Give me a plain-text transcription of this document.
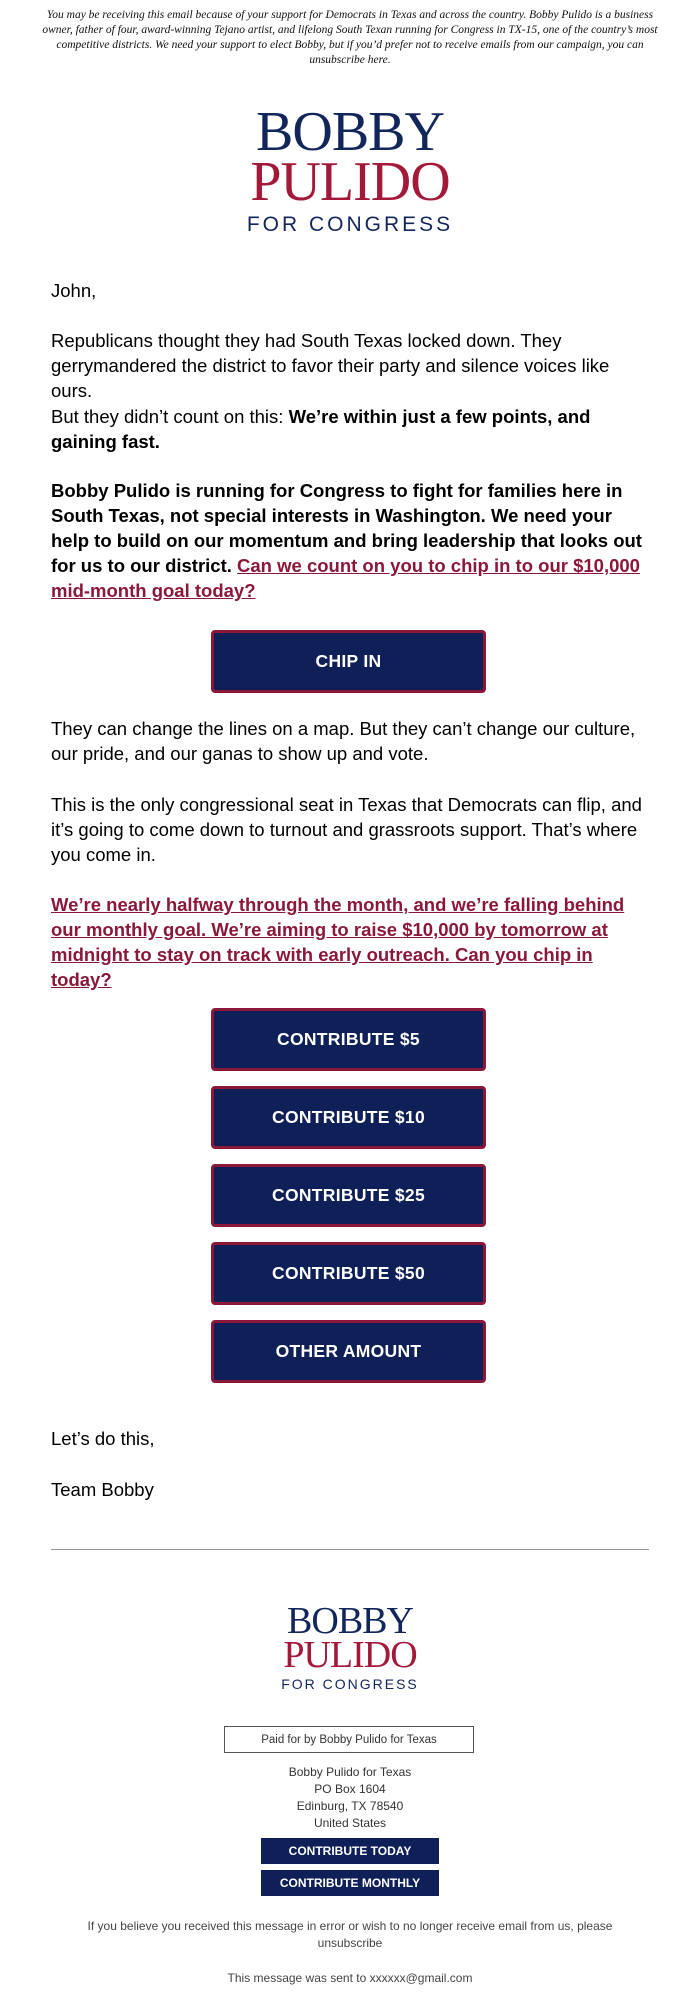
You may be receiving this email because of your support for Democrats in Texas and across the country. Bobby Pulido is a business owner, father of four, award-winning Tejano artist, and lifelong South Texan running for Congress in TX-15, one of the country’s most competitive districts. We need your support to elect Bobby, but if you’d prefer not to receive emails from our campaign, you can unsubscribe here.
BOBBY
PULIDO
FOR CONGRESS
John,
Republicans thought they had South Texas locked down. They gerrymandered the district to favor their party and silence voices like ours.
But they didn’t count on this: We’re within just a few points, and gaining fast.
Bobby Pulido is running for Congress to fight for families here in South Texas, not special interests in Washington. We need your help to build on our momentum and bring leadership that looks out for us to our district. Can we count on you to chip in to our $10,000 mid-month goal today?
CHIP IN
They can change the lines on a map. But they can’t change our culture, our pride, and our ganas to show up and vote.
This is the only congressional seat in Texas that Democrats can flip, and it’s going to come down to turnout and grassroots support. That’s where you come in.
We’re nearly halfway through the month, and we’re falling behind our monthly goal. We’re aiming to raise $10,000 by tomorrow at midnight to stay on track with early outreach. Can you chip in today?
CONTRIBUTE $5
CONTRIBUTE $10
CONTRIBUTE $25
CONTRIBUTE $50
OTHER AMOUNT
Let’s do this,
Team Bobby
BOBBY
PULIDO
FOR CONGRESS
Paid for by Bobby Pulido for Texas
Bobby Pulido for Texas
PO Box 1604
Edinburg, TX 78540
United States
CONTRIBUTE TODAY
CONTRIBUTE MONTHLY
If you believe you received this message in error or wish to no longer receive email from us, please unsubscribe
This message was sent to xxxxxx@gmail.com
